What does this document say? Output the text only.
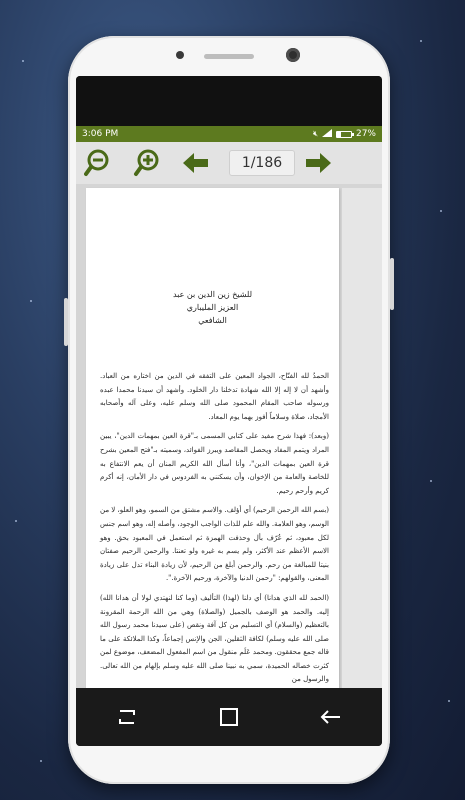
3:06 PM	🔇︎	27%
1/186
للشيخ زين الدين بن عبد
العزيز المليباري
الشافعي

الحمدُ لله الفتّاح، الجواد المعين على التفقه في الدين من اختاره من العباد. وأشهد أن لا إله إلا الله شهادة تدخلنا دار الخلود. وأشهد أن سيدنا محمدا عبده ورسوله صاحب المقام المحمود صلى الله وسلم عليه، وعلى آله وأصحابه الأمجاد، صلاة وسلاماً أفوز بهما يوم المعاد.

(وبعد): فهذا شرح مفيد على كتابي المسمى بـ"قرة العين بمهمات الدين"، يبين المراد ويتمم المفاد ويحصل المقاصد ويبرز الفوائد، وسميته بـ"فتح المعين بشرح قرة العين بمهمات الدين"، وأنا أسأل الله الكريم المنان أن يعم الانتفاع به للخاصة والعامة من الإخوان، وأن يسكنني به الفردوس في دار الأمان، إنه أكرم كريم وأرحم رحيم.

(بسم الله الرحمن الرحيم) أي أؤلف. والاسم مشتق من السمو، وهو العلو، لا من الوسم، وهو العلامة. والله علم للذات الواجب الوجود، وأصله إله، وهو اسم جنس لكل معبود، ثم عُرّف بأل وحذفت الهمزة ثم استعمل في المعبود بحق. وهو الاسم الأعظم عند الأكثر، ولم يسم به غيره ولو تعنتا. والرحمن الرحيم صفتان بنيتا للمبالغة من رحم. والرحمن أبلغ من الرحيم، لأن زيادة البناء تدل على زيادة المعنى، والقولهم: "رحمن الدنيا والآخرة، ورحيم الآخرة.".

(الحمد لله الذي هدانا) أي دلنا (لهذا) التأليف (وما كنا لنهتدي لولا أن هدانا الله) إليه. والحمد هو الوصف بالجميل (والصلاة) وهي من الله الرحمة المقرونة بالتعظيم (والسلام) أي التسليم من كل آفة ونقص (على سيدنا محمد رسول الله صلى الله عليه وسلم) لكافة الثقلين، الجن والإنس إجماعاً، وكذا الملائكة على ما قاله جمع محققون. ومحمد عَلَم منقول من اسم المفعول المضعف، موضوع لمن كثرت خصاله الحميدة، سمي به نبينا صلى الله عليه وسلم بإلهام من الله تعالى. والرسول من
